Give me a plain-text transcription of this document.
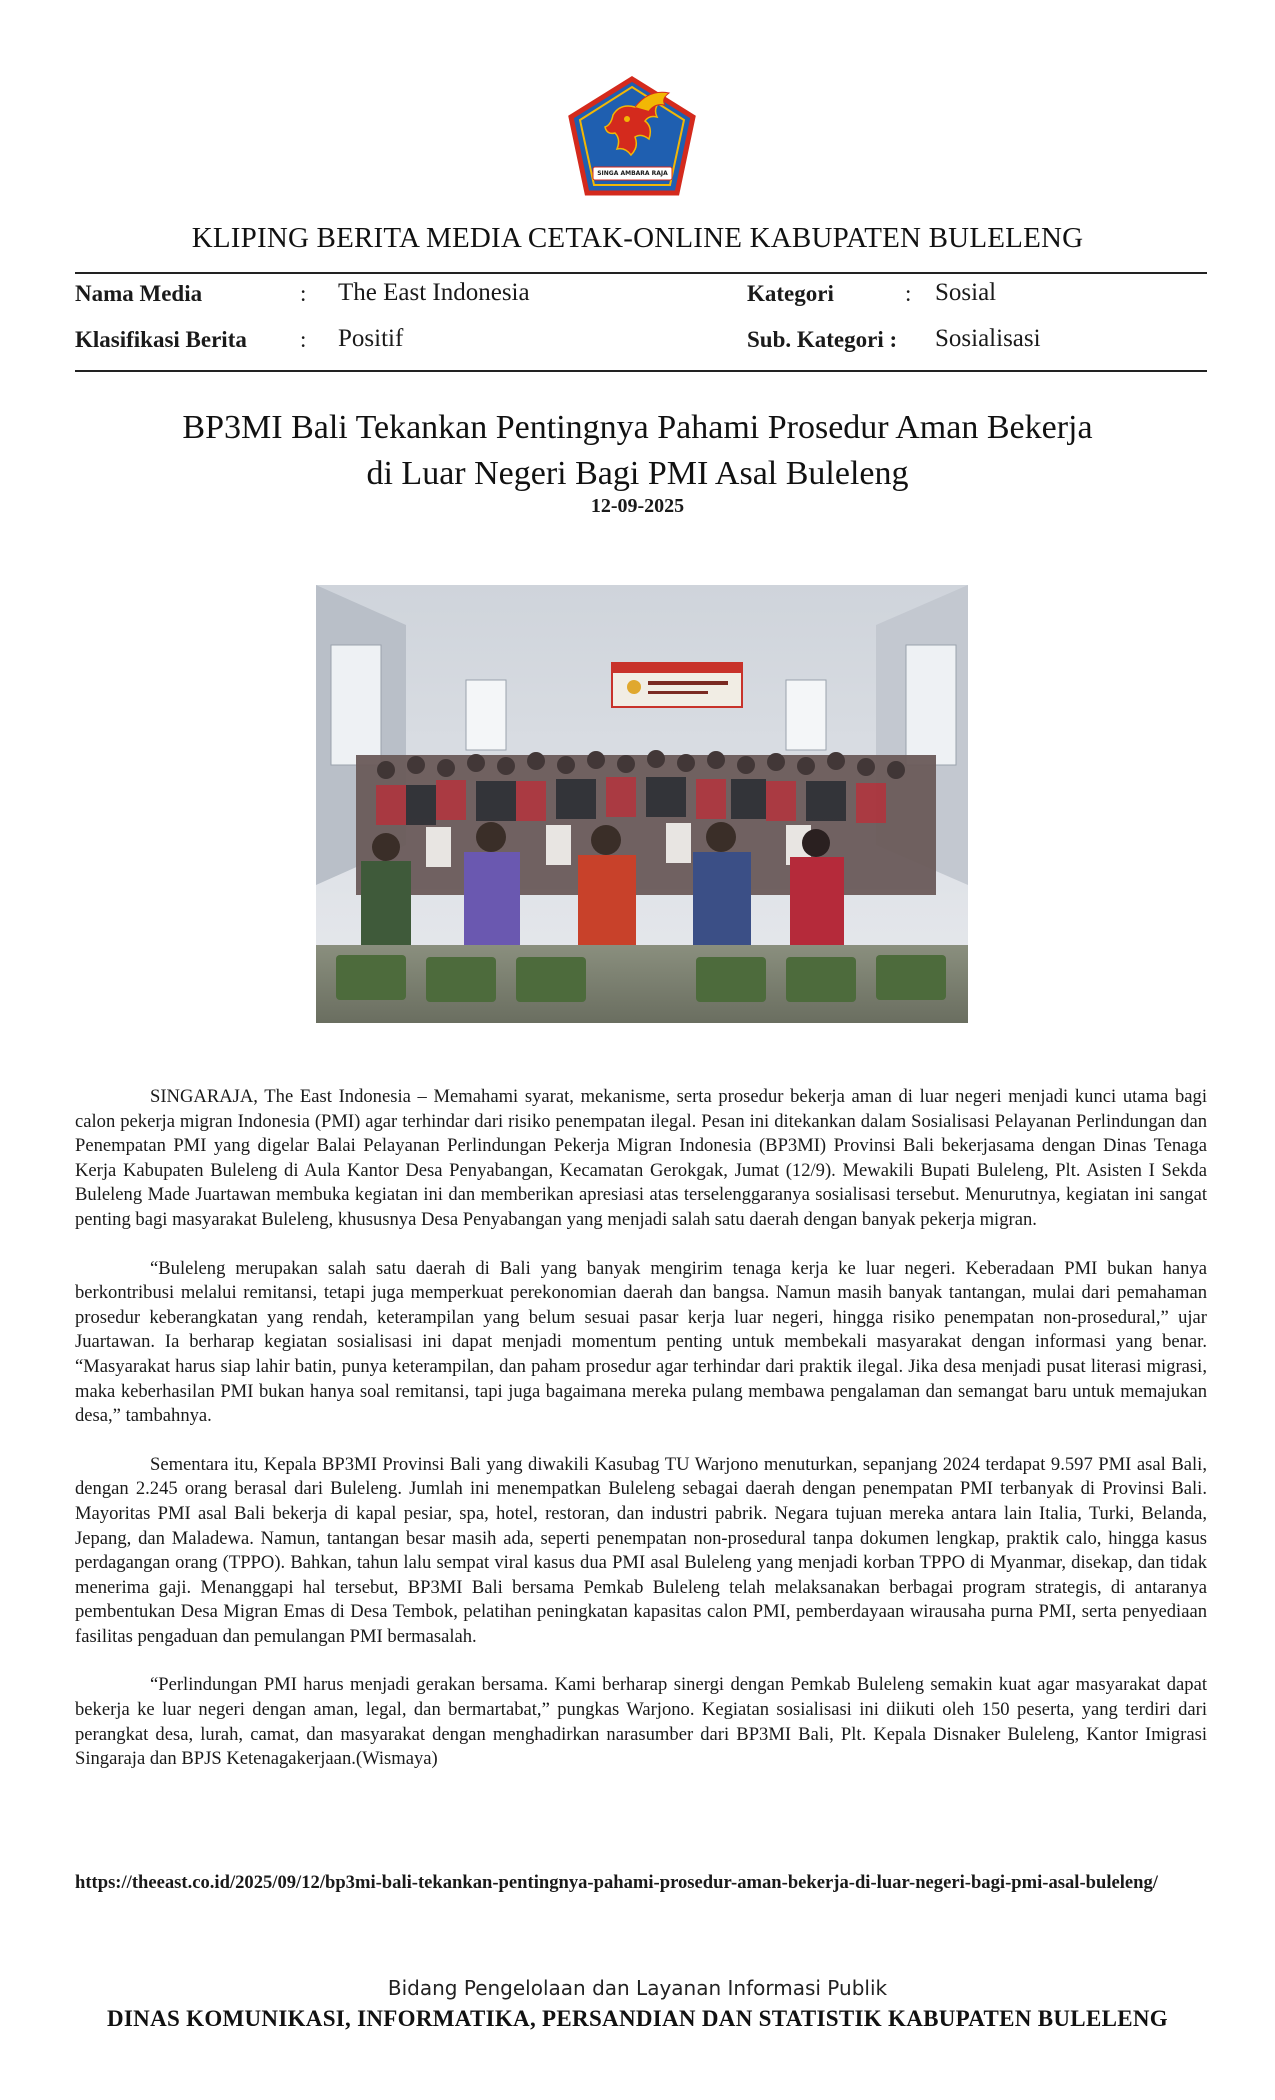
SINGA AMBARA RAJA
KLIPING BERITA MEDIA CETAK-ONLINE KABUPATEN BULELENG
Nama Media	: The East Indonesia	Kategori	: Sosial
Klasifikasi Berita : Positif	Sub. Kategori : Sosialisasi
BP3MI Bali Tekankan Pentingnya Pahami Prosedur Aman Bekerja
di Luar Negeri Bagi PMI Asal Buleleng
12-09-2025

SINGARAJA, The East Indonesia – Memahami syarat, mekanisme, serta prosedur bekerja aman di luar negeri menjadi kunci utama bagi calon pekerja migran Indonesia (PMI) agar terhindar dari risiko penempatan ilegal. Pesan ini ditekankan dalam Sosialisasi Pelayanan Perlindungan dan Penempatan PMI yang digelar Balai Pelayanan Perlindungan Pekerja Migran Indonesia (BP3MI) Provinsi Bali bekerjasama dengan Dinas Tenaga Kerja Kabupaten Buleleng di Aula Kantor Desa Penyabangan, Kecamatan Gerokgak, Jumat (12/9). Mewakili Bupati Buleleng, Plt. Asisten I Sekda Buleleng Made Juartawan membuka kegiatan ini dan memberikan apresiasi atas terselenggaranya sosialisasi tersebut. Menurutnya, kegiatan ini sangat penting bagi masyarakat Buleleng, khususnya Desa Penyabangan yang menjadi salah satu daerah dengan banyak pekerja migran.

“Buleleng merupakan salah satu daerah di Bali yang banyak mengirim tenaga kerja ke luar negeri. Keberadaan PMI bukan hanya berkontribusi melalui remitansi, tetapi juga memperkuat perekonomian daerah dan bangsa. Namun masih banyak tantangan, mulai dari pemahaman prosedur keberangkatan yang rendah, keterampilan yang belum sesuai pasar kerja luar negeri, hingga risiko penempatan non-prosedural,” ujar Juartawan. Ia berharap kegiatan sosialisasi ini dapat menjadi momentum penting untuk membekali masyarakat dengan informasi yang benar. “Masyarakat harus siap lahir batin, punya keterampilan, dan paham prosedur agar terhindar dari praktik ilegal. Jika desa menjadi pusat literasi migrasi, maka keberhasilan PMI bukan hanya soal remitansi, tapi juga bagaimana mereka pulang membawa pengalaman dan semangat baru untuk memajukan desa,” tambahnya.

Sementara itu, Kepala BP3MI Provinsi Bali yang diwakili Kasubag TU Warjono menuturkan, sepanjang 2024 terdapat 9.597 PMI asal Bali, dengan 2.245 orang berasal dari Buleleng. Jumlah ini menempatkan Buleleng sebagai daerah dengan penempatan PMI terbanyak di Provinsi Bali. Mayoritas PMI asal Bali bekerja di kapal pesiar, spa, hotel, restoran, dan industri pabrik. Negara tujuan mereka antara lain Italia, Turki, Belanda, Jepang, dan Maladewa. Namun, tantangan besar masih ada, seperti penempatan non-prosedural tanpa dokumen lengkap, praktik calo, hingga kasus perdagangan orang (TPPO). Bahkan, tahun lalu sempat viral kasus dua PMI asal Buleleng yang menjadi korban TPPO di Myanmar, disekap, dan tidak menerima gaji. Menanggapi hal tersebut, BP3MI Bali bersama Pemkab Buleleng telah melaksanakan berbagai program strategis, di antaranya pembentukan Desa Migran Emas di Desa Tembok, pelatihan peningkatan kapasitas calon PMI, pemberdayaan wirausaha purna PMI, serta penyediaan fasilitas pengaduan dan pemulangan PMI bermasalah.

“Perlindungan PMI harus menjadi gerakan bersama. Kami berharap sinergi dengan Pemkab Buleleng semakin kuat agar masyarakat dapat bekerja ke luar negeri dengan aman, legal, dan bermartabat,” pungkas Warjono. Kegiatan sosialisasi ini diikuti oleh 150 peserta, yang terdiri dari perangkat desa, lurah, camat, dan masyarakat dengan menghadirkan narasumber dari BP3MI Bali, Plt. Kepala Disnaker Buleleng, Kantor Imigrasi Singaraja dan BPJS Ketenagakerjaan.(Wismaya)

https://theeast.co.id/2025/09/12/bp3mi-bali-tekankan-pentingnya-pahami-prosedur-aman-bekerja-di-luar-negeri-bagi-pmi-asal-buleleng/
Bidang Pengelolaan dan Layanan Informasi Publik
DINAS KOMUNIKASI, INFORMATIKA, PERSANDIAN DAN STATISTIK KABUPATEN BULELENG
